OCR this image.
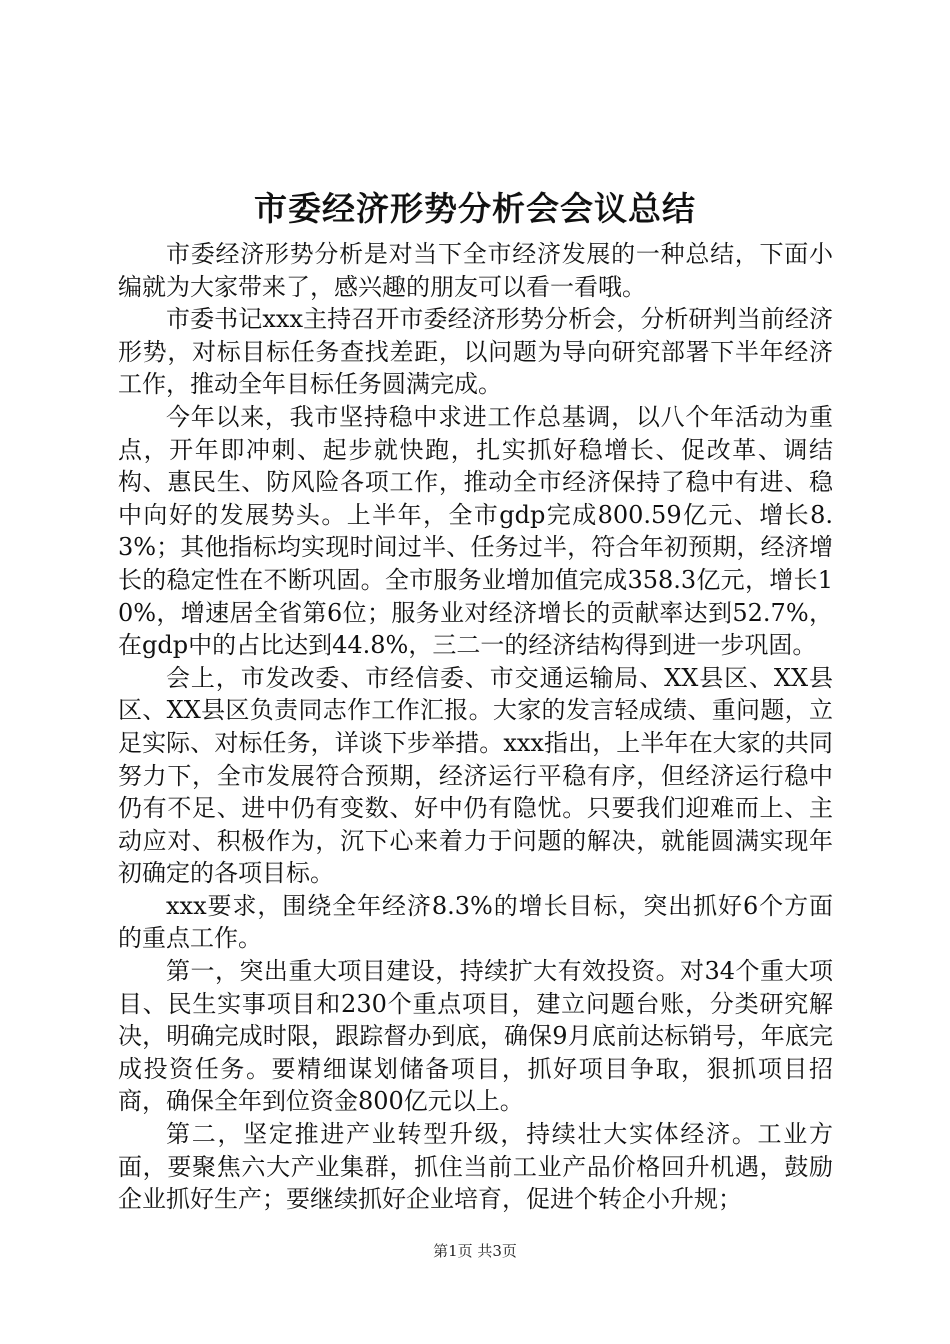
市委经济形势分析会会议总结

市委经济形势分析是对当下全市经济发展的一种总结，下面小编就为大家带来了，感兴趣的朋友可以看一看哦。

市委书记xxx主持召开市委经济形势分析会，分析研判当前经济形势，对标目标任务查找差距，以问题为导向研究部署下半年经济工作，推动全年目标任务圆满完成。

今年以来，我市坚持稳中求进工作总基调，以八个年活动为重点，开年即冲刺、起步就快跑，扎实抓好稳增长、促改革、调结构、惠民生、防风险各项工作，推动全市经济保持了稳中有进、稳中向好的发展势头。上半年，全市gdp完成800.59亿元、增长8.3%；其他指标均实现时间过半、任务过半，符合年初预期，经济增长的稳定性在不断巩固。全市服务业增加值完成358.3亿元，增长10%，增速居全省第6位；服务业对经济增长的贡献率达到52.7%，在gdp中的占比达到44.8%，三二一的经济结构得到进一步巩固。

会上，市发改委、市经信委、市交通运输局、XX县区、XX县区、XX县区负责同志作工作汇报。大家的发言轻成绩、重问题，立足实际、对标任务，详谈下步举措。xxx指出，上半年在大家的共同努力下，全市发展符合预期，经济运行平稳有序，但经济运行稳中仍有不足、进中仍有变数、好中仍有隐忧。只要我们迎难而上、主动应对、积极作为，沉下心来着力于问题的解决，就能圆满实现年初确定的各项目标。

xxx要求，围绕全年经济8.3%的增长目标，突出抓好6个方面的重点工作。

第一，突出重大项目建设，持续扩大有效投资。对34个重大项目、民生实事项目和230个重点项目，建立问题台账，分类研究解决，明确完成时限，跟踪督办到底，确保9月底前达标销号，年底完成投资任务。要精细谋划储备项目，抓好项目争取，狠抓项目招商，确保全年到位资金800亿元以上。

第二，坚定推进产业转型升级，持续壮大实体经济。工业方面，要聚焦六大产业集群，抓住当前工业产品价格回升机遇，鼓励企业抓好生产；要继续抓好企业培育，促进个转企小升规；

第1页 共3页
